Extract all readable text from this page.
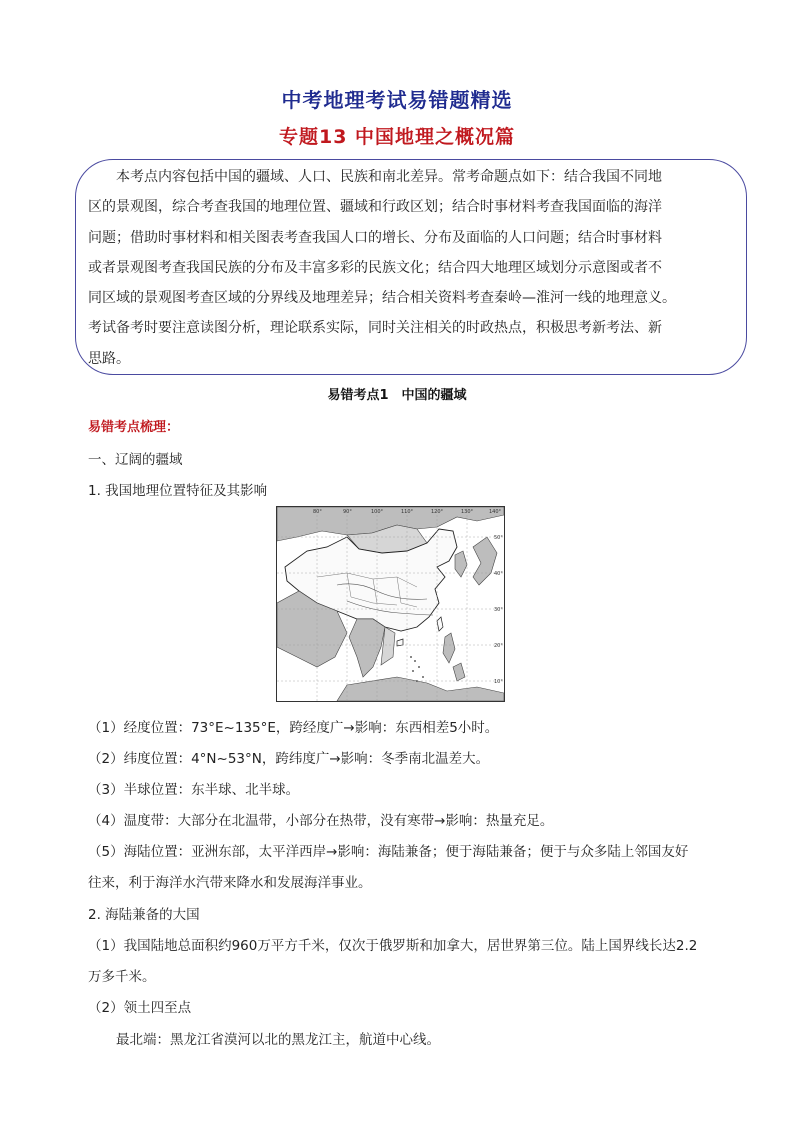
中考地理考试易错题精选
专题13 中国地理之概况篇
本考点内容包括中国的疆域、人口、民族和南北差异。常考命题点如下：结合我国不同地
区的景观图，综合考查我国的地理位置、疆域和行政区划；结合时事材料考查我国面临的海洋
问题；借助时事材料和相关图表考查我国人口的增长、分布及面临的人口问题；结合时事材料
或者景观图考查我国民族的分布及丰富多彩的民族文化；结合四大地理区域划分示意图或者不
同区域的景观图考查区域的分界线及地理差异；结合相关资料考查秦岭—淮河一线的地理意义。
考试备考时要注意读图分析，理论联系实际，同时关注相关的时政热点，积极思考新考法、新
思路。
易错考点1　中国的疆域
易错考点梳理：
一、辽阔的疆域
1. 我国地理位置特征及其影响
80°	90°	100°	110°	120°	130°	140°
50°
40°
30°
20°
10°
（1）经度位置：73°E~135°E，跨经度广→影响：东西相差5小时。
（2）纬度位置：4°N~53°N，跨纬度广→影响：冬季南北温差大。
（3）半球位置：东半球、北半球。
（4）温度带：大部分在北温带，小部分在热带，没有寒带→影响：热量充足。
（5）海陆位置：亚洲东部，太平洋西岸→影响：海陆兼备；便于海陆兼备；便于与众多陆上邻国友好
往来，利于海洋水汽带来降水和发展海洋事业。
2. 海陆兼备的大国
（1）我国陆地总面积约960万平方千米，仅次于俄罗斯和加拿大，居世界第三位。陆上国界线长达2.2
万多千米。
（2）领土四至点
最北端：黑龙江省漠河以北的黑龙江主，航道中心线。
